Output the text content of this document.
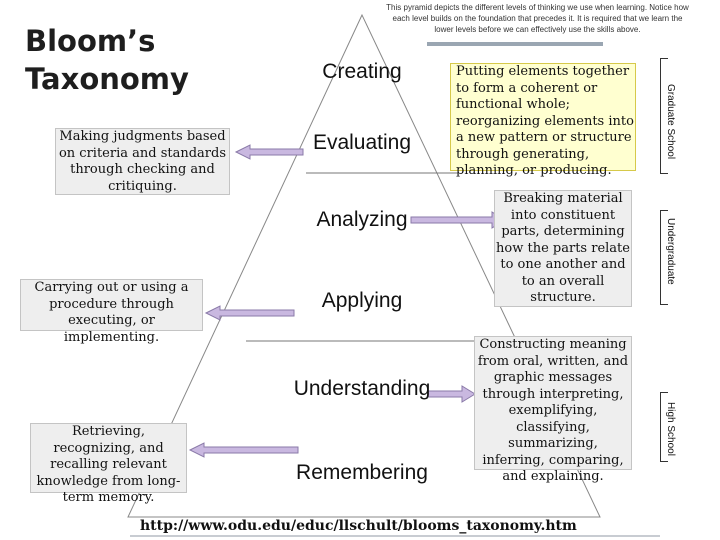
Bloom’s Taxonomy
This pyramid depicts the different levels of thinking we use when learning. Notice how each level builds on the foundation that precedes it. It is required that we learn the lower levels before we can effectively use the skills above.
Creating
Evaluating
Analyzing
Applying
Understanding
Remembering
Making judgments based on criteria and standards through checking and critiquing.
Carrying out or using a procedure through executing, or implementing.
Retrieving, recognizing, and recalling relevant knowledge from long-term memory.
Putting elements together to form a coherent or functional whole; reorganizing elements into a new pattern or structure through generating, planning, or producing.
Breaking material into constituent parts, determining how the parts relate to one another and to an overall structure.
Constructing meaning from oral, written, and graphic messages through interpreting, exemplifying, classifying, summarizing, inferring, comparing, and explaining.
Graduate School
Undergraduate
High School
http://www.odu.edu/educ/llschult/blooms_taxonomy.htm
